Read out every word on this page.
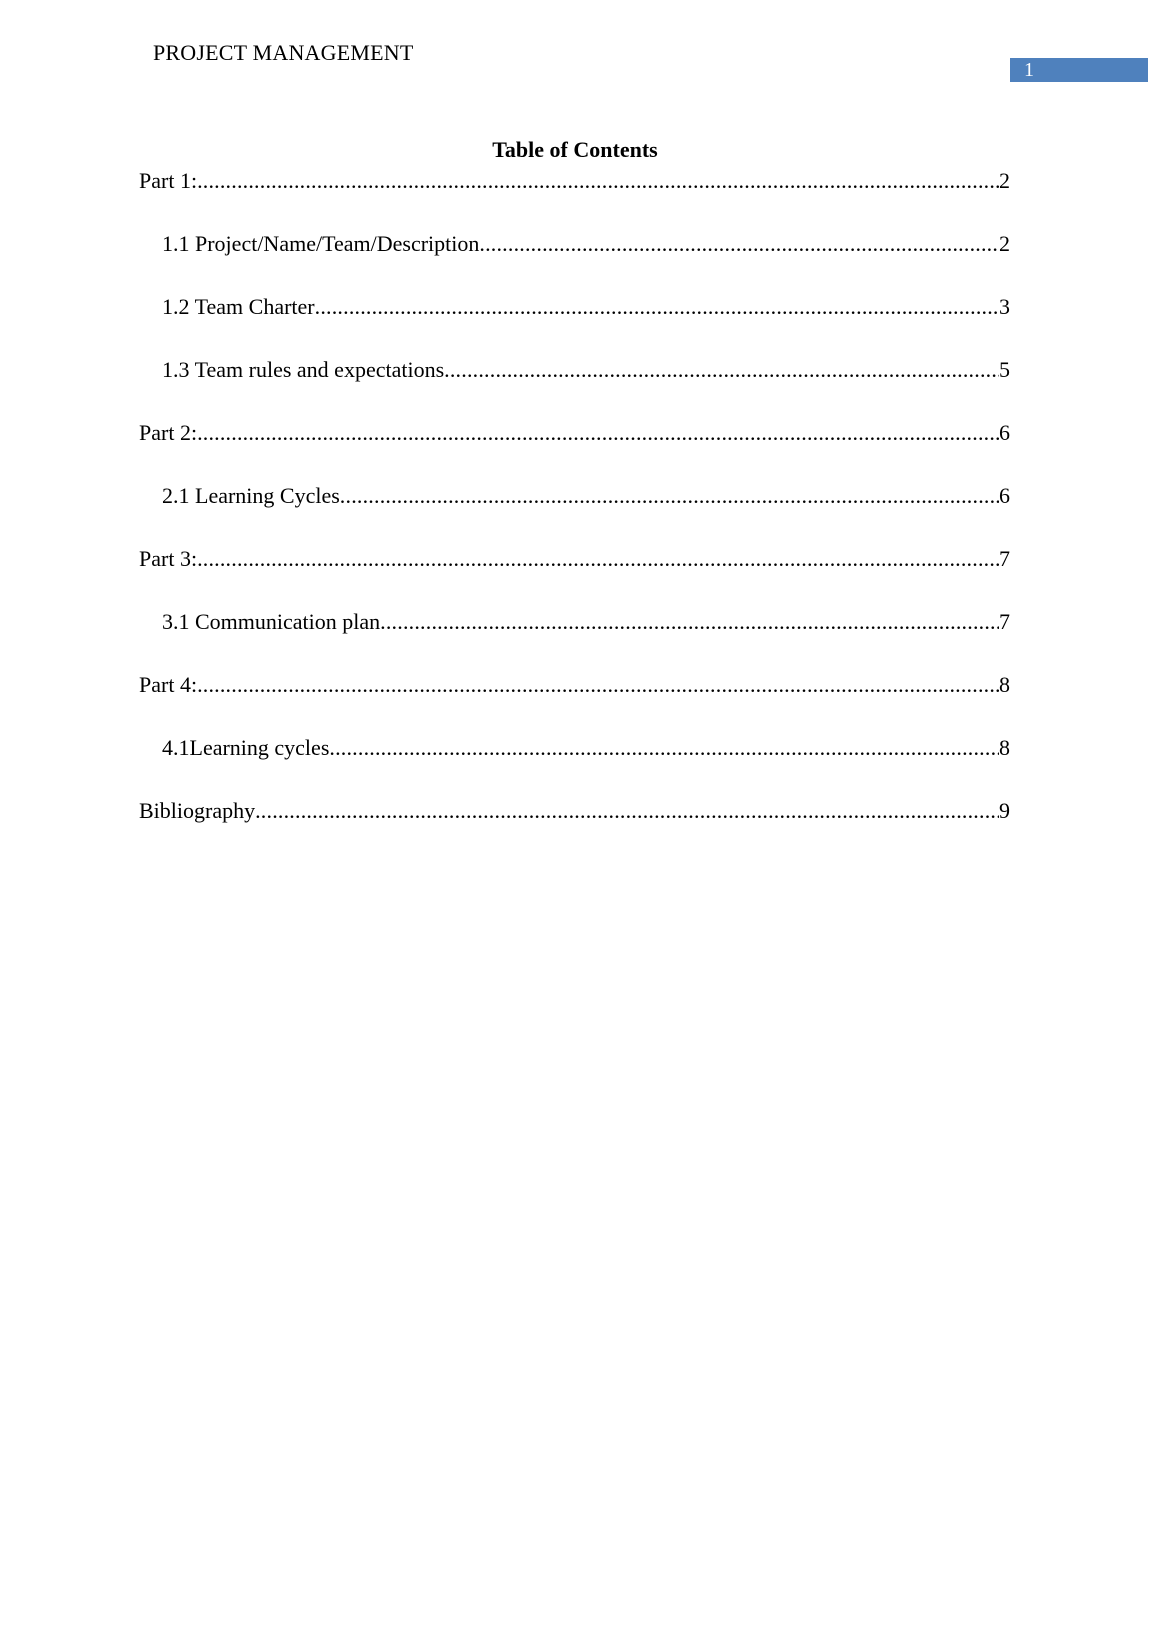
PROJECT MANAGEMENT
1
Table of Contents
Part 1: .....	2
1.1 Project/Name/Team/Description .....	2
1.2 Team Charter .....	3
1.3 Team rules and expectations .....	5
Part 2: .....	6
2.1 Learning Cycles .....	6
Part 3: .....	7
3.1 Communication plan .....	7
Part 4: .....	8
4.1Learning cycles .....	8
Bibliography .....	9
